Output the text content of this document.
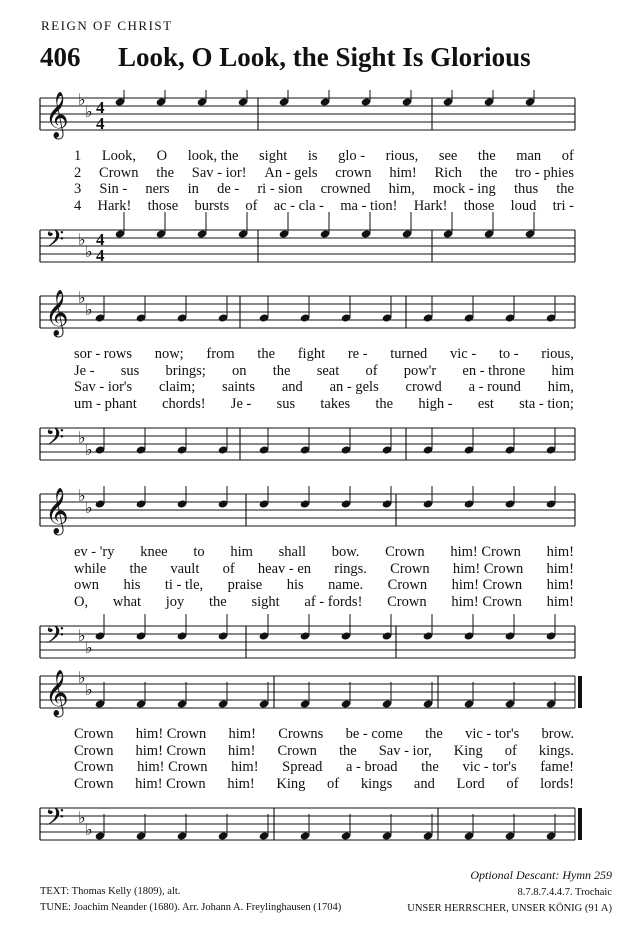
REIGN OF CHRIST
406 Look, O Look, the Sight Is Glorious
𝄞 ♭
♭ 4
4
𝄢 ♭
♭
4
4
1 Look, O look, the sight is glo - rious, see the man of
2 Crown the Sav - ior! An - gels crown him! Rich the tro - phies
3 Sin - ners in de - ri - sion crowned him, mock - ing thus the
4 Hark! those bursts of ac - cla - ma - tion! Hark! those loud tri -
𝄞 ♭
♭
𝄢 ♭
♭
sor - rows now; from the fight re - turned vic - to - rious,
Je - sus brings; on the seat of pow'r en - throne him
Sav - ior's claim; saints and an - gels crowd a - round him,
um - phant chords! Je - sus takes the high - est sta - tion;
𝄞 ♭
♭
𝄢 ♭
♭
ev - 'ry knee to him shall bow. Crown him! Crown him!
while the vault of heav - en rings. Crown him! Crown him!
own his ti - tle, praise his name. Crown him! Crown him!
O, what joy the sight af - fords! Crown him! Crown him!
𝄞 ♭
♭
𝄢 ♭
♭
Crown him! Crown him! Crowns be - come the vic - tor's brow.
Crown him! Crown him! Crown the Sav - ior, King of kings.
Crown him! Crown him! Spread a - broad the vic - tor's fame!
Crown him! Crown him! King of kings and Lord of lords!
TEXT: Thomas Kelly (1809), alt.
TUNE: Joachim Neander (1680). Arr. Johann A. Freylinghausen (1704)
Optional Descant: Hymn 259
8.7.8.7.4.4.7. Trochaic
UNSER HERRSCHER, UNSER KÖNIG (91 A)
